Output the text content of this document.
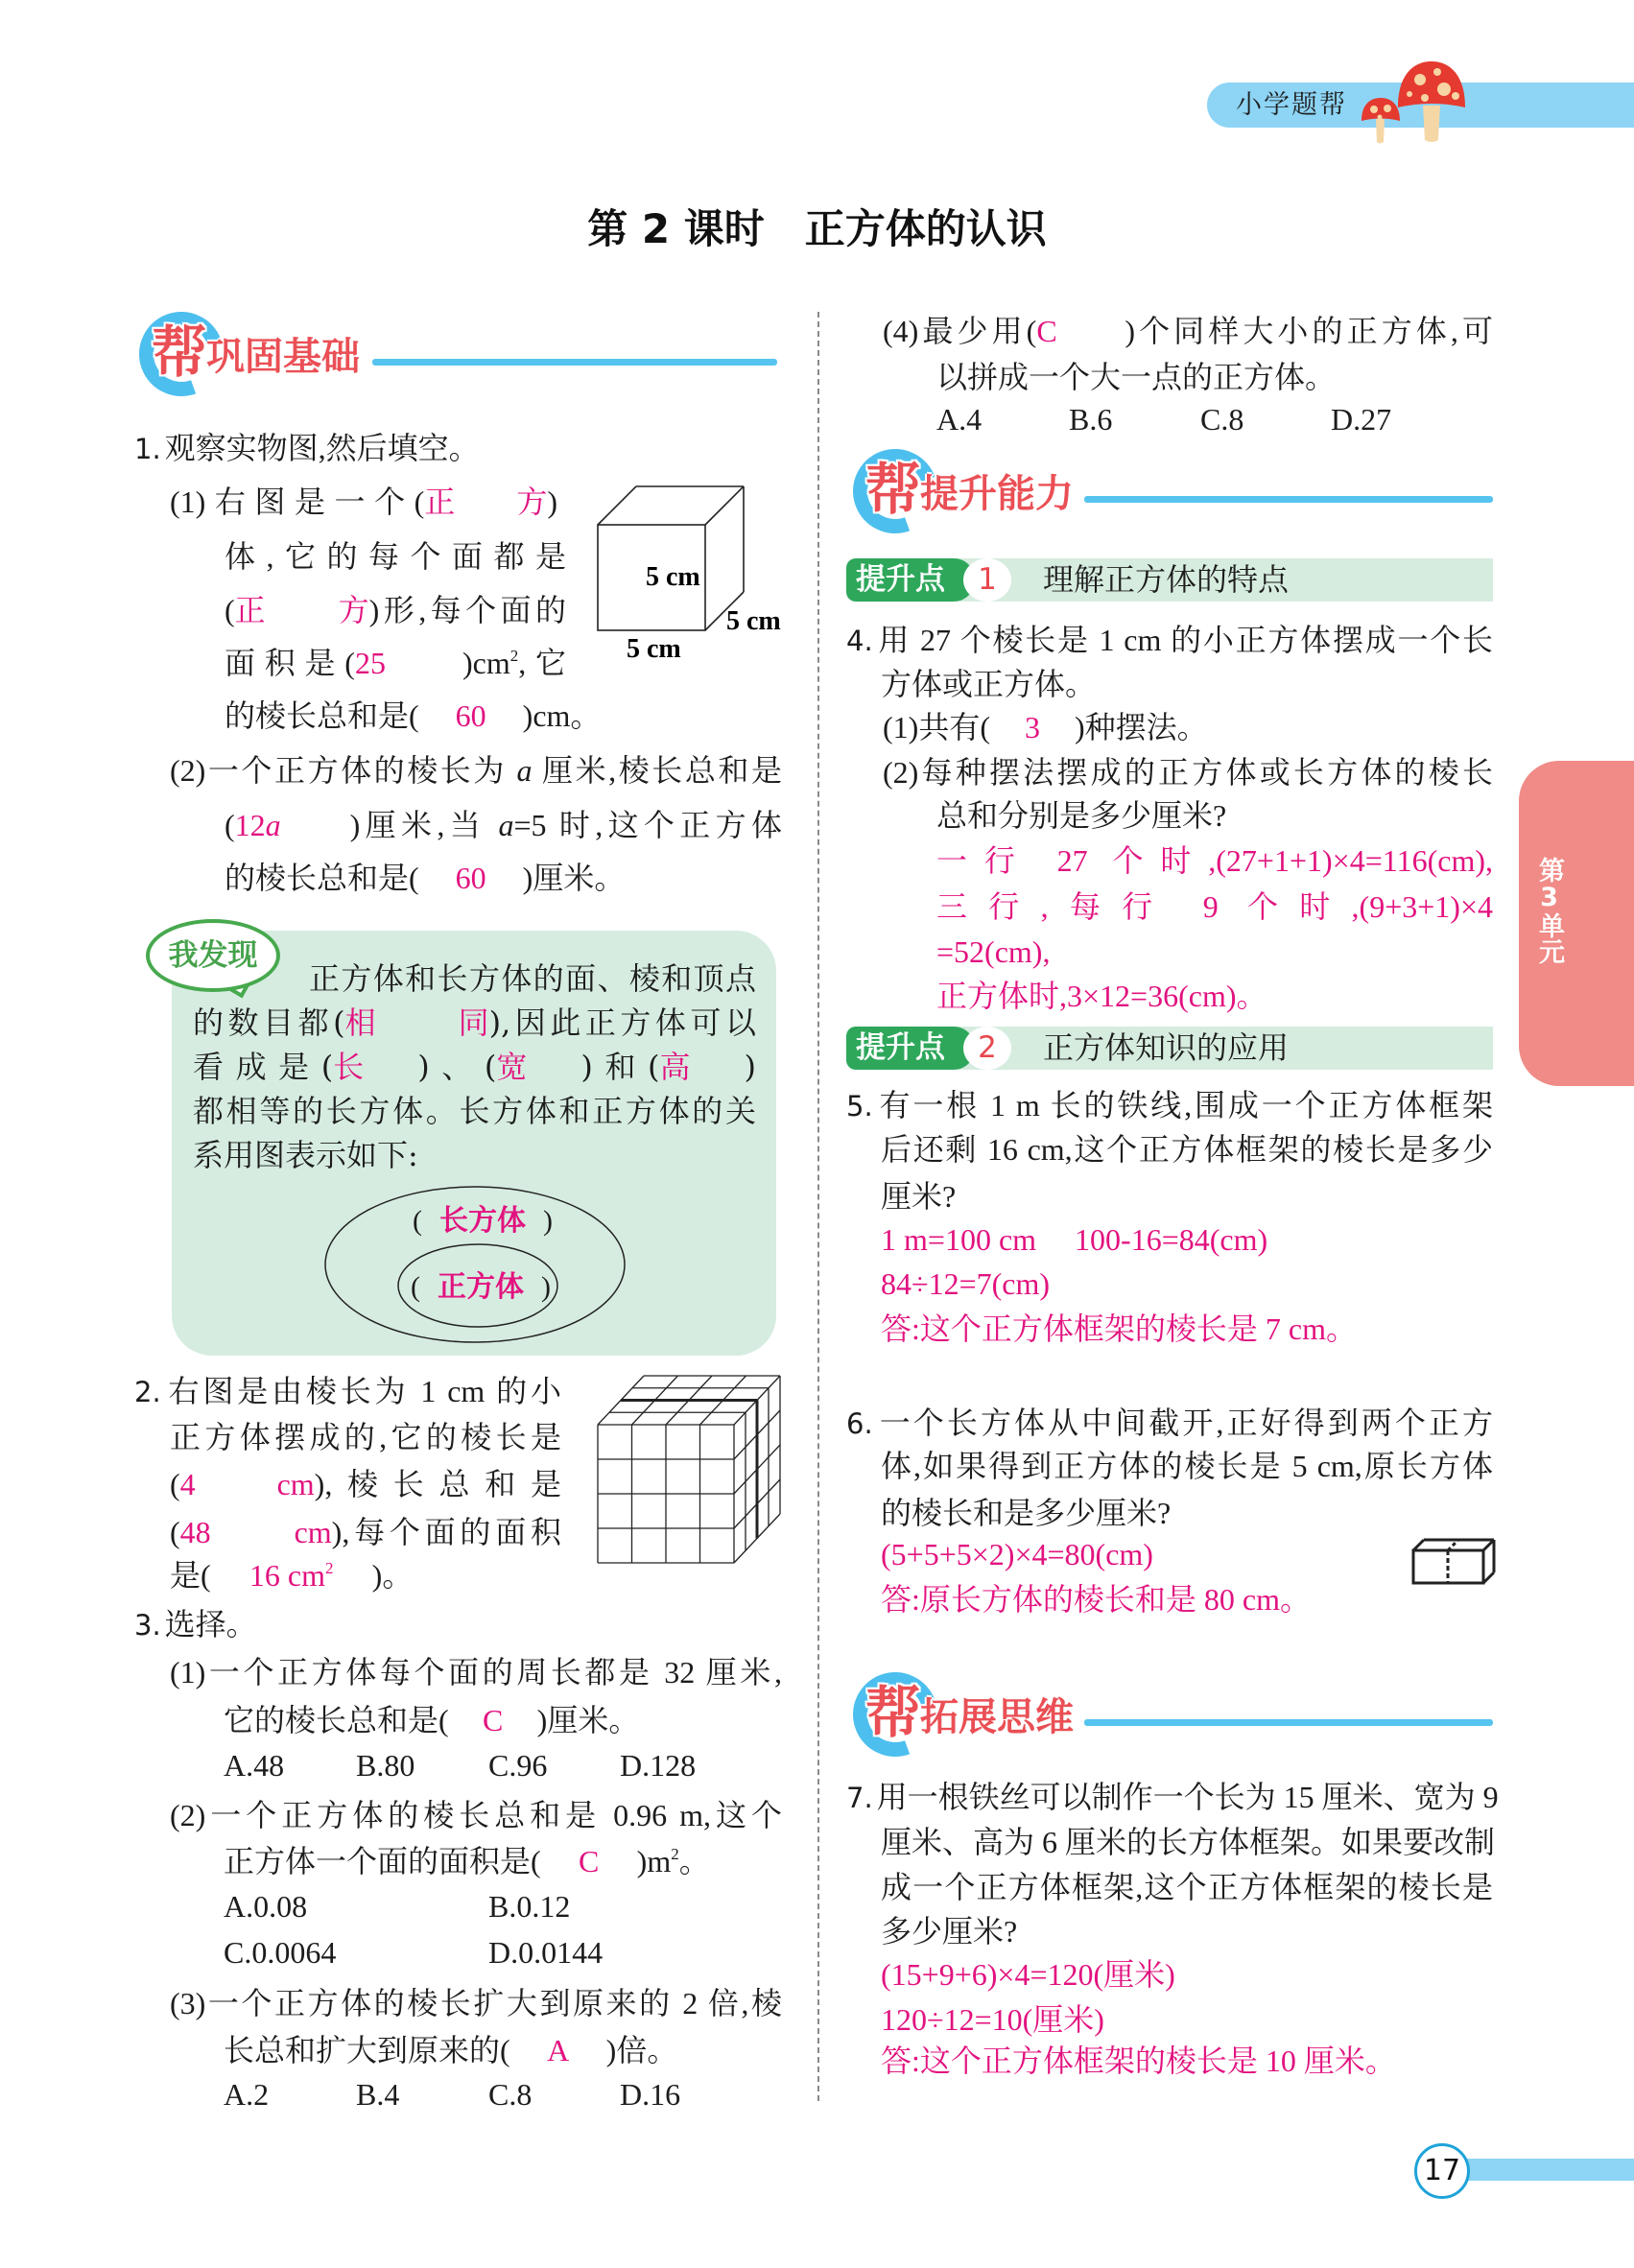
小学题帮
第 2 课时　正方体的认识
帮
巩固基础
1. 观察实物图,然后填空。
(1)右图是一个(正方)
体,它的每个面都是
(正方)形,每个面的
面积是(25	)$cm^2$,它
的棱长总和是( 60 )cm。
5 cm
5 cm
5 cm
(2)一个正方体的棱长为 a 厘米,棱长总和是
(12a )厘米,当 a=5 时,这个正方体
的棱长总和是( 60 )厘米。
我发现
正方体和长方体的面、棱和顶点
的数目都(相同),因此正方体可以
看成是(长 )、(宽 )和(高 )
都相等的长方体。长方体和正方体的关
系用图表示如下:
( 长方体 )
( 正方体 )
2. 右图是由棱长为 1 cm 的小
正方体摆成的,它的棱长是
(4 cm),棱长总和是
(48 cm),每个面的面积
是( 16 $cm^2$ )。
3. 选择。
(1)一个正方体每个面的周长都是 32 厘米,
它的棱长总和是( C )厘米。
A.48 B.80 C.96 D.128
(2)一个正方体的棱长总和是 0.96 m,这个
正方体一个面的面积是( C )$m^2$。
A.0.08	B.0.12
C.0.0064	D.0.0144
(3)一个正方体的棱长扩大到原来的 2 倍,棱
长总和扩大到原来的( A )倍。
A.2	B.4	C.8	D.16
(4)最少用(C )个同样大小的正方体,可
以拼成一个大一点的正方体。
A.4	B.6	C.8	D.27
帮
提升能力
提升点	1	理解正方体的特点
4. 用 27 个棱长是 1 cm 的小正方体摆成一个长
方体或正方体。
(1)共有( 3 )种摆法。
(2)每种摆法摆成的正方体或长方体的棱长
总和分别是多少厘米?
一行 27 个时,(27+1+1)×4=116(cm),
三行,每行 9 个时,(9+3+1)×4
=52(cm),
正方体时,3×12=36(cm)。
提升点	2	正方体知识的应用
5. 有一根 1 m 长的铁线,围成一个正方体框架
后还剩 16 cm,这个正方体框架的棱长是多少
厘米?
1 m=100 cm　 100-16=84(cm)
84÷12=7(cm)
答:这个正方体框架的棱长是 7 cm。
6. 一个长方体从中间截开,正好得到两个正方
体,如果得到正方体的棱长是 5 cm,原长方体
的棱长和是多少厘米?
(5+5+5×2)×4=80(cm)
答:原长方体的棱长和是 80 cm。
帮
拓展思维
7. 用一根铁丝可以制作一个长为 15 厘米、宽为 9
厘米、高为 6 厘米的长方体框架。如果要改制
成一个正方体框架,这个正方体框架的棱长是
多少厘米?
(15+9+6)×4=120(厘米)
120÷12=10(厘米)
答:这个正方体框架的棱长是 10 厘米。
第3单元
17
